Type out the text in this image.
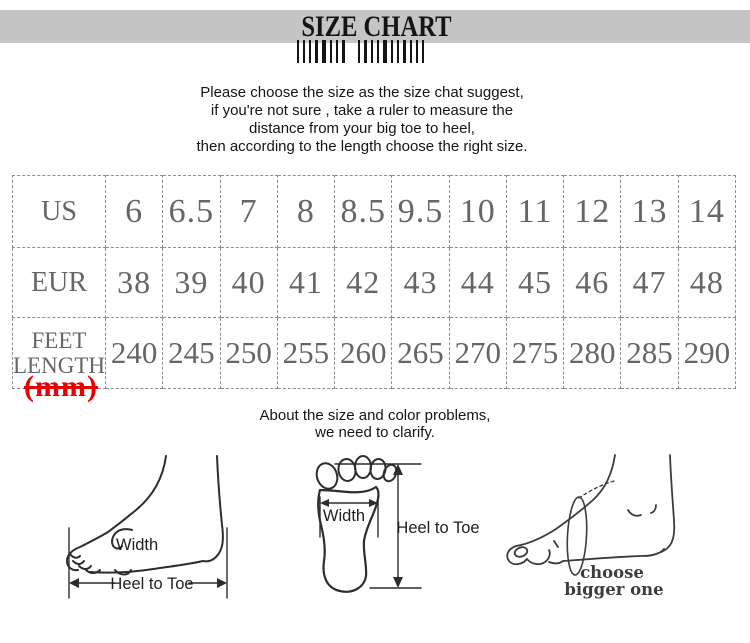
SIZE CHART
Please choose the size as the size chat suggest,
if you're not sure , take a ruler to measure the
distance from your big toe to heel,
then according to the length choose the right size.
US	6	6.5	7	8	8.5	9.5	10	11	12	13	14
EUR	38	39	40	41	42	43	44	45	46	47	48
FEET
LENGTH	240	245	250	255	260	265	270	275	280	285	290
(mm)
About the size and color problems,
we need to clarify.
Width
Heel to Toe
Width
Heel to Toe
choose
bigger one
